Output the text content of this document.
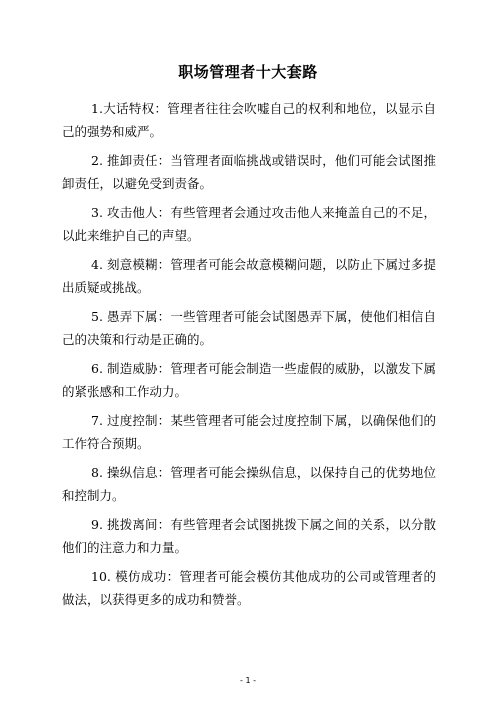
职场管理者十大套路

1.大话特权：管理者往往会吹嘘自己的权利和地位，以显示自己的强势和威严。

2. 推卸责任：当管理者面临挑战或错误时，他们可能会试图推卸责任，以避免受到责备。

3. 攻击他人：有些管理者会通过攻击他人来掩盖自己的不足，以此来维护自己的声望。

4. 刻意模糊：管理者可能会故意模糊问题，以防止下属过多提出质疑或挑战。

5. 愚弄下属：一些管理者可能会试图愚弄下属，使他们相信自己的决策和行动是正确的。

6. 制造威胁：管理者可能会制造一些虚假的威胁，以激发下属的紧张感和工作动力。

7. 过度控制：某些管理者可能会过度控制下属，以确保他们的工作符合预期。

8. 操纵信息：管理者可能会操纵信息，以保持自己的优势地位和控制力。

9. 挑拨离间：有些管理者会试图挑拨下属之间的关系，以分散他们的注意力和力量。

10. 模仿成功：管理者可能会模仿其他成功的公司或管理者的做法，以获得更多的成功和赞誉。

- 1 -
